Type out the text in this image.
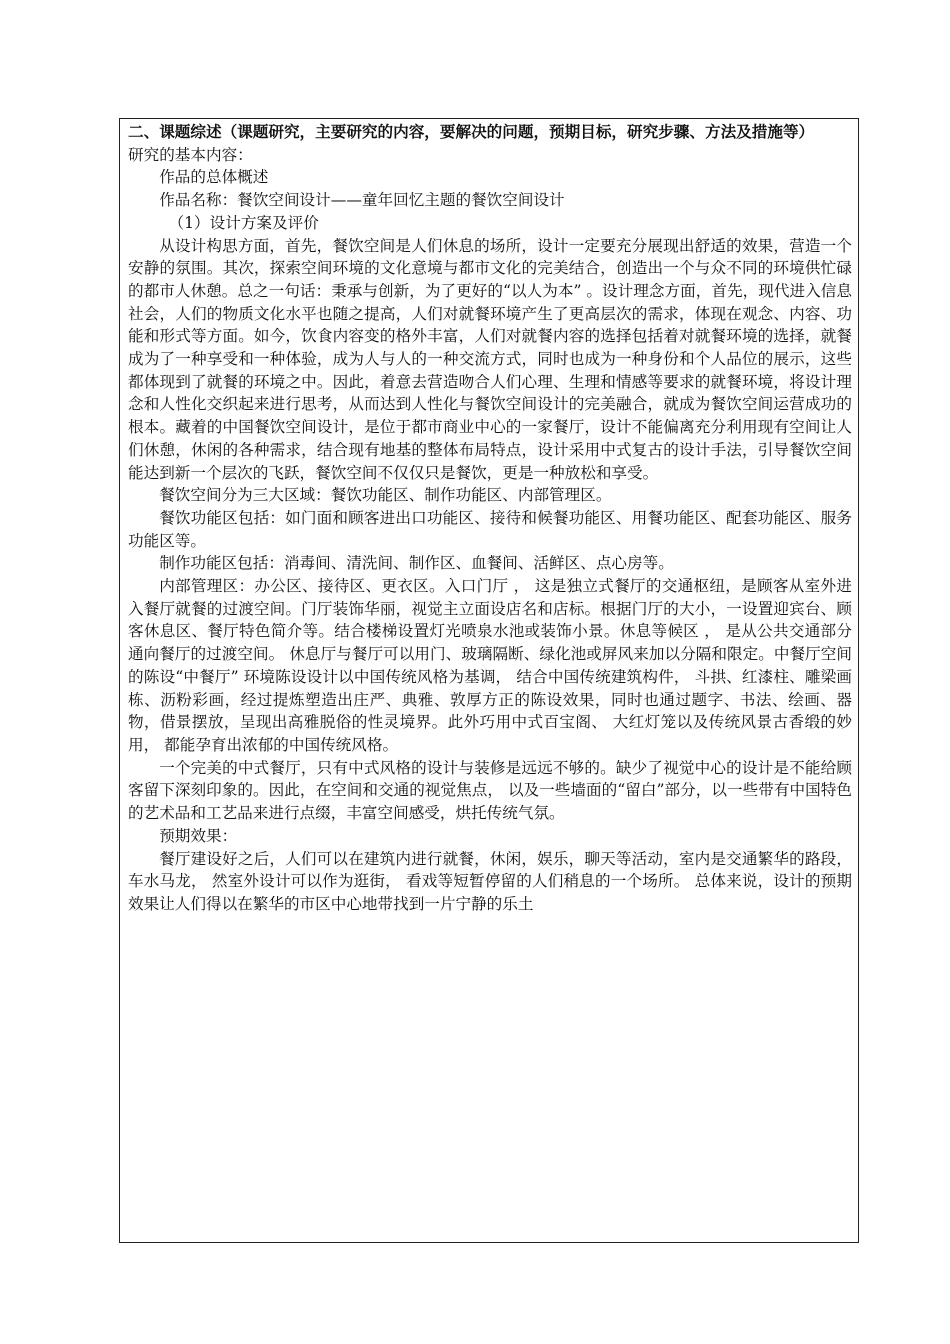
二、课题综述（课题研究，主要研究的内容，要解决的问题，预期目标，研究步骤、方法及措施等）

研究的基本内容：

作品的总体概述

作品名称：餐饮空间设计——童年回忆主题的餐饮空间设计

（1）设计方案及评价

从设计构思方面，首先，餐饮空间是人们休息的场所，设计一定要充分展现出舒适的效果，营造一个安静的氛围。其次，探索空间环境的文化意境与都市文化的完美结合，创造出一个与众不同的环境供忙碌的都市人休憩。总之一句话：秉承与创新，为了更好的“以人为本” 。设计理念方面，首先，现代进入信息社会，人们的物质文化水平也随之提高，人们对就餐环境产生了更高层次的需求，体现在观念、内容、功能和形式等方面。如今，饮食内容变的格外丰富，人们对就餐内容的选择包括着对就餐环境的选择，就餐成为了一种享受和一种体验，成为人与人的一种交流方式，同时也成为一种身份和个人品位的展示，这些都体现到了就餐的环境之中。因此，着意去营造吻合人们心理、生理和情感等要求的就餐环境，将设计理念和人性化交织起来进行思考，从而达到人性化与餐饮空间设计的完美融合，就成为餐饮空间运营成功的根本。藏着的中国餐饮空间设计，是位于都市商业中心的一家餐厅，设计不能偏离充分利用现有空间让人们休憩，休闲的各种需求，结合现有地基的整体布局特点，设计采用中式复古的设计手法，引导餐饮空间能达到新一个层次的飞跃，餐饮空间不仅仅只是餐饮，更是一种放松和享受。

餐饮空间分为三大区域：餐饮功能区、制作功能区、内部管理区。

餐饮功能区包括：如门面和顾客进出口功能区、接待和候餐功能区、用餐功能区、配套功能区、服务功能区等。

制作功能区包括：消毒间、清洗间、制作区、血餐间、活鲜区、点心房等。

内部管理区：办公区、接待区、更衣区。入口门厅 ， 这是独立式餐厅的交通枢纽，是顾客从室外进入餐厅就餐的过渡空间。门厅装饰华丽，视觉主立面设店名和店标。根据门厅的大小，一设置迎宾台、顾客休息区、餐厅特色简介等。结合楼梯设置灯光喷泉水池或装饰小景。休息等候区 ， 是从公共交通部分通向餐厅的过渡空间。 休息厅与餐厅可以用门、玻璃隔断、绿化池或屏风来加以分隔和限定。中餐厅空间的陈设“中餐厅” 环境陈设设计以中国传统风格为基调， 结合中国传统建筑构件， 斗拱、红漆柱、雕梁画栋、沥粉彩画，经过提炼塑造出庄严、典雅、敦厚方正的陈设效果，同时也通过题字、书法、绘画、器物，借景摆放，呈现出高雅脱俗的性灵境界。此外巧用中式百宝阁、 大红灯笼以及传统风景古香缎的妙用， 都能孕育出浓郁的中国传统风格。

一个完美的中式餐厅，只有中式风格的设计与装修是远远不够的。缺少了视觉中心的设计是不能给顾客留下深刻印象的。因此，在空间和交通的视觉焦点， 以及一些墙面的“留白”部分，以一些带有中国特色的艺术品和工艺品来进行点缀，丰富空间感受，烘托传统气氛。

预期效果：

餐厅建设好之后，人们可以在建筑内进行就餐，休闲，娱乐，聊天等活动，室内是交通繁华的路段， 车水马龙， 然室外设计可以作为逛街， 看戏等短暂停留的人们稍息的一个场所。 总体来说，设计的预期效果让人们得以在繁华的市区中心地带找到一片宁静的乐土
